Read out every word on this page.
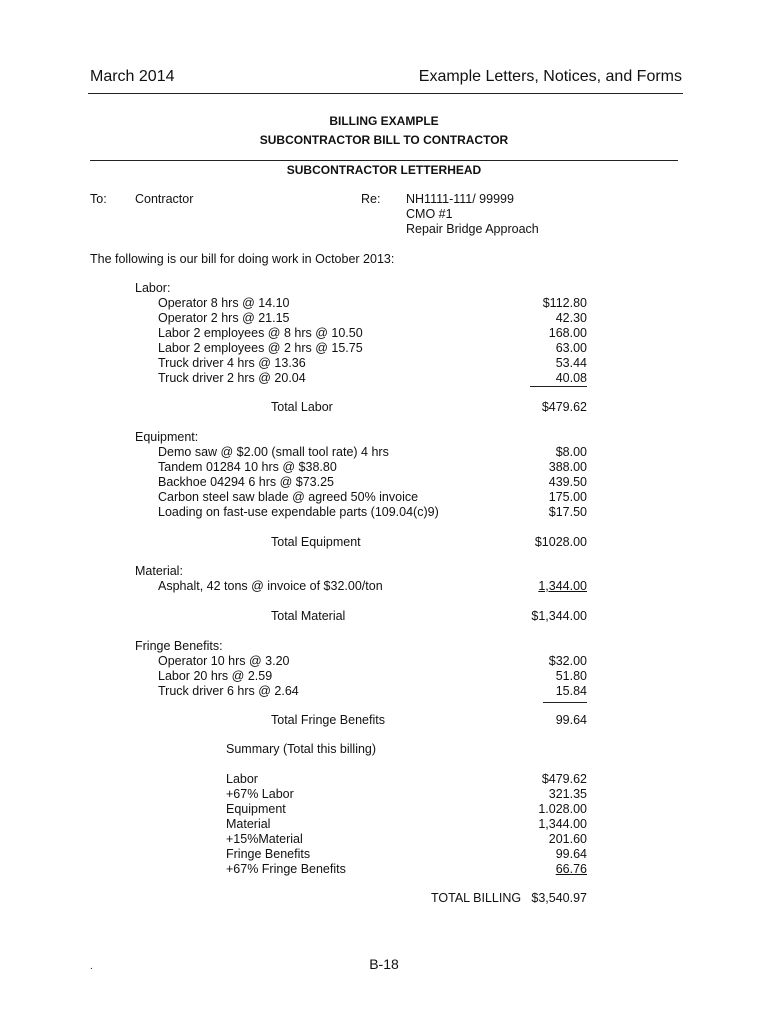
March 2014	Example Letters, Notices, and Forms
BILLING EXAMPLE
SUBCONTRACTOR BILL TO CONTRACTOR
SUBCONTRACTOR LETTERHEAD
To: Contractor	Re: NH1111-111/ 99999
CMO #1
Repair Bridge Approach
The following is our bill for doing work in October 2013:
Labor:
Operator 8 hrs @ 14.10	$112.80
Operator 2 hrs @ 21.15	42.30
Labor 2 employees @ 8 hrs @ 10.50	168.00
Labor 2 employees @ 2 hrs @ 15.75	63.00
Truck driver 4 hrs @ 13.36	53.44
Truck driver 2 hrs @ 20.04	40.08
Total Labor	$479.62
Equipment:
Demo saw @ $2.00 (small tool rate) 4 hrs	$8.00
Tandem 01284 10 hrs @ $38.80	388.00
Backhoe 04294 6 hrs @ $73.25	439.50
Carbon steel saw blade @ agreed 50% invoice	175.00
Loading on fast-use expendable parts (109.04(c)9)	$17.50
Total Equipment	$1028.00
Material:
Asphalt, 42 tons @ invoice of $32.00/ton	1,344.00
Total Material	$1,344.00
Fringe Benefits:
Operator 10 hrs @ 3.20	$32.00
Labor 20 hrs @ 2.59	51.80
Truck driver 6 hrs @ 2.64	15.84
Total Fringe Benefits	99.64
Summary (Total this billing)
Labor	$479.62
+67% Labor	321.35
Equipment	1.028.00
Material	1,344.00
+15%Material	201.60
Fringe Benefits	99.64
+67% Fringe Benefits	66.76
TOTAL BILLING $3,540.97
.	B-18
